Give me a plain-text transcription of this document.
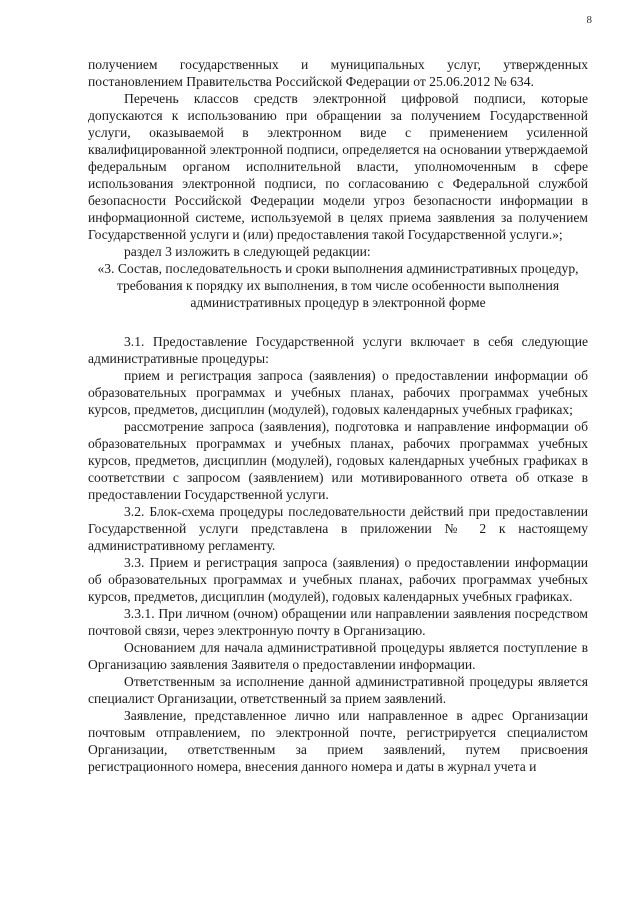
8

получением государственных и муниципальных услуг, утвержденных постановлением Правительства Российской Федерации от 25.06.2012 № 634.

Перечень классов средств электронной цифровой подписи, которые допускаются к использованию при обращении за получением Государственной услуги, оказываемой в электронном виде с применением усиленной квалифицированной электронной подписи, определяется на основании утверждаемой федеральным органом исполнительной власти, уполномоченным в сфере использования электронной подписи, по согласованию с Федеральной службой безопасности Российской Федерации модели угроз безопасности информации в информационной системе, используемой в целях приема заявления за получением Государственной услуги и (или) предоставления такой Государственной услуги.»;

раздел 3 изложить в следующей редакции:

«3. Состав, последовательность и сроки выполнения административных процедур, требования к порядку их выполнения, в том числе особенности выполнения административных процедур в электронной форме

3.1. Предоставление Государственной услуги включает в себя следующие административные процедуры:

прием и регистрация запроса (заявления) о предоставлении информации об образовательных программах и учебных планах, рабочих программах учебных курсов, предметов, дисциплин (модулей), годовых календарных учебных графиках;

рассмотрение запроса (заявления), подготовка и направление информации об образовательных программах и учебных планах, рабочих программах учебных курсов, предметов, дисциплин (модулей), годовых календарных учебных графиках в соответствии с запросом (заявлением) или мотивированного ответа об отказе в предоставлении Государственной услуги.

3.2. Блок-схема процедуры последовательности действий при предоставлении Государственной услуги представлена в приложении № 2 к настоящему административному регламенту.

3.3. Прием и регистрация запроса (заявления) о предоставлении информации об образовательных программах и учебных планах, рабочих программах учебных курсов, предметов, дисциплин (модулей), годовых календарных учебных графиках.

3.3.1. При личном (очном) обращении или направлении заявления посредством почтовой связи, через электронную почту в Организацию.

Основанием для начала административной процедуры является поступление в Организацию заявления Заявителя о предоставлении информации.

Ответственным за исполнение данной административной процедуры является специалист Организации, ответственный за прием заявлений.

Заявление, представленное лично или направленное в адрес Организации почтовым отправлением, по электронной почте, регистрируется специалистом Организации, ответственным за прием заявлений, путем присвоения регистрационного номера, внесения данного номера и даты в журнал учета и
